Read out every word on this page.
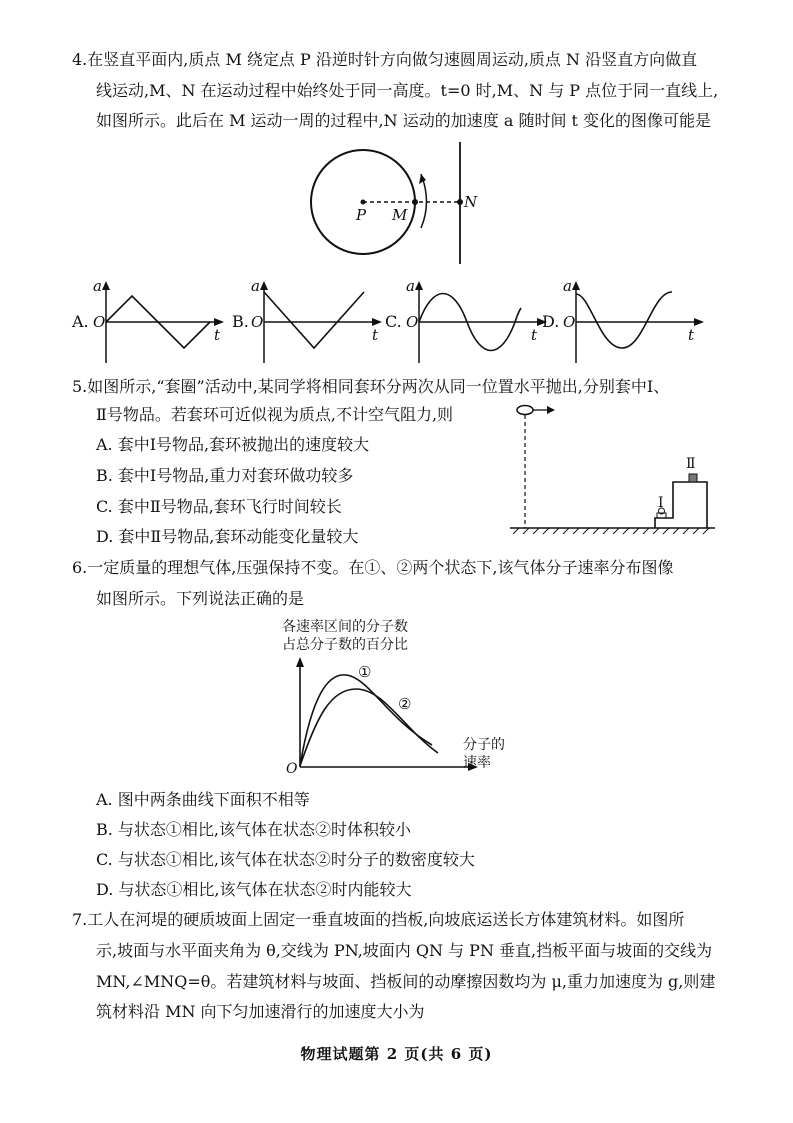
4.在竖直平面内,质点 M 绕定点 P 沿逆时针方向做匀速圆周运动,质点 N 沿竖直方向做直
线运动,M、N 在运动过程中始终处于同一高度。t=0 时,M、N 与 P 点位于同一直线上,
如图所示。此后在 M 运动一周的过程中,N 运动的加速度 a 随时间 t 变化的图像可能是
P M
N
A.
a
O
t
B.
a
O
t
C.
a
O
t
D.
a
O
t
5.如图所示,“套圈”活动中,某同学将相同套环分两次从同一位置水平抛出,分别套中Ⅰ、
Ⅱ号物品。若套环可近似视为质点,不计空气阻力,则
A. 套中Ⅰ号物品,套环被抛出的速度较大
B. 套中Ⅰ号物品,重力对套环做功较多
C. 套中Ⅱ号物品,套环飞行时间较长
D. 套中Ⅱ号物品,套环动能变化量较大
Ⅰ
Ⅱ
6.一定质量的理想气体,压强保持不变。在①、②两个状态下,该气体分子速率分布图像
如图所示。下列说法正确的是
各速率区间的分子数
占总分子数的百分比
O
分子的
速率
①
②
A. 图中两条曲线下面积不相等
B. 与状态①相比,该气体在状态②时体积较小
C. 与状态①相比,该气体在状态②时分子的数密度较大
D. 与状态①相比,该气体在状态②时内能较大
7.工人在河堤的硬质坡面上固定一垂直坡面的挡板,向坡底运送长方体建筑材料。如图所
示,坡面与水平面夹角为 θ,交线为 PN,坡面内 QN 与 PN 垂直,挡板平面与坡面的交线为
MN,∠MNQ=θ。若建筑材料与坡面、挡板间的动摩擦因数均为 μ,重力加速度为 g,则建
筑材料沿 MN 向下匀加速滑行的加速度大小为
物理试题第 2 页(共 6 页)
